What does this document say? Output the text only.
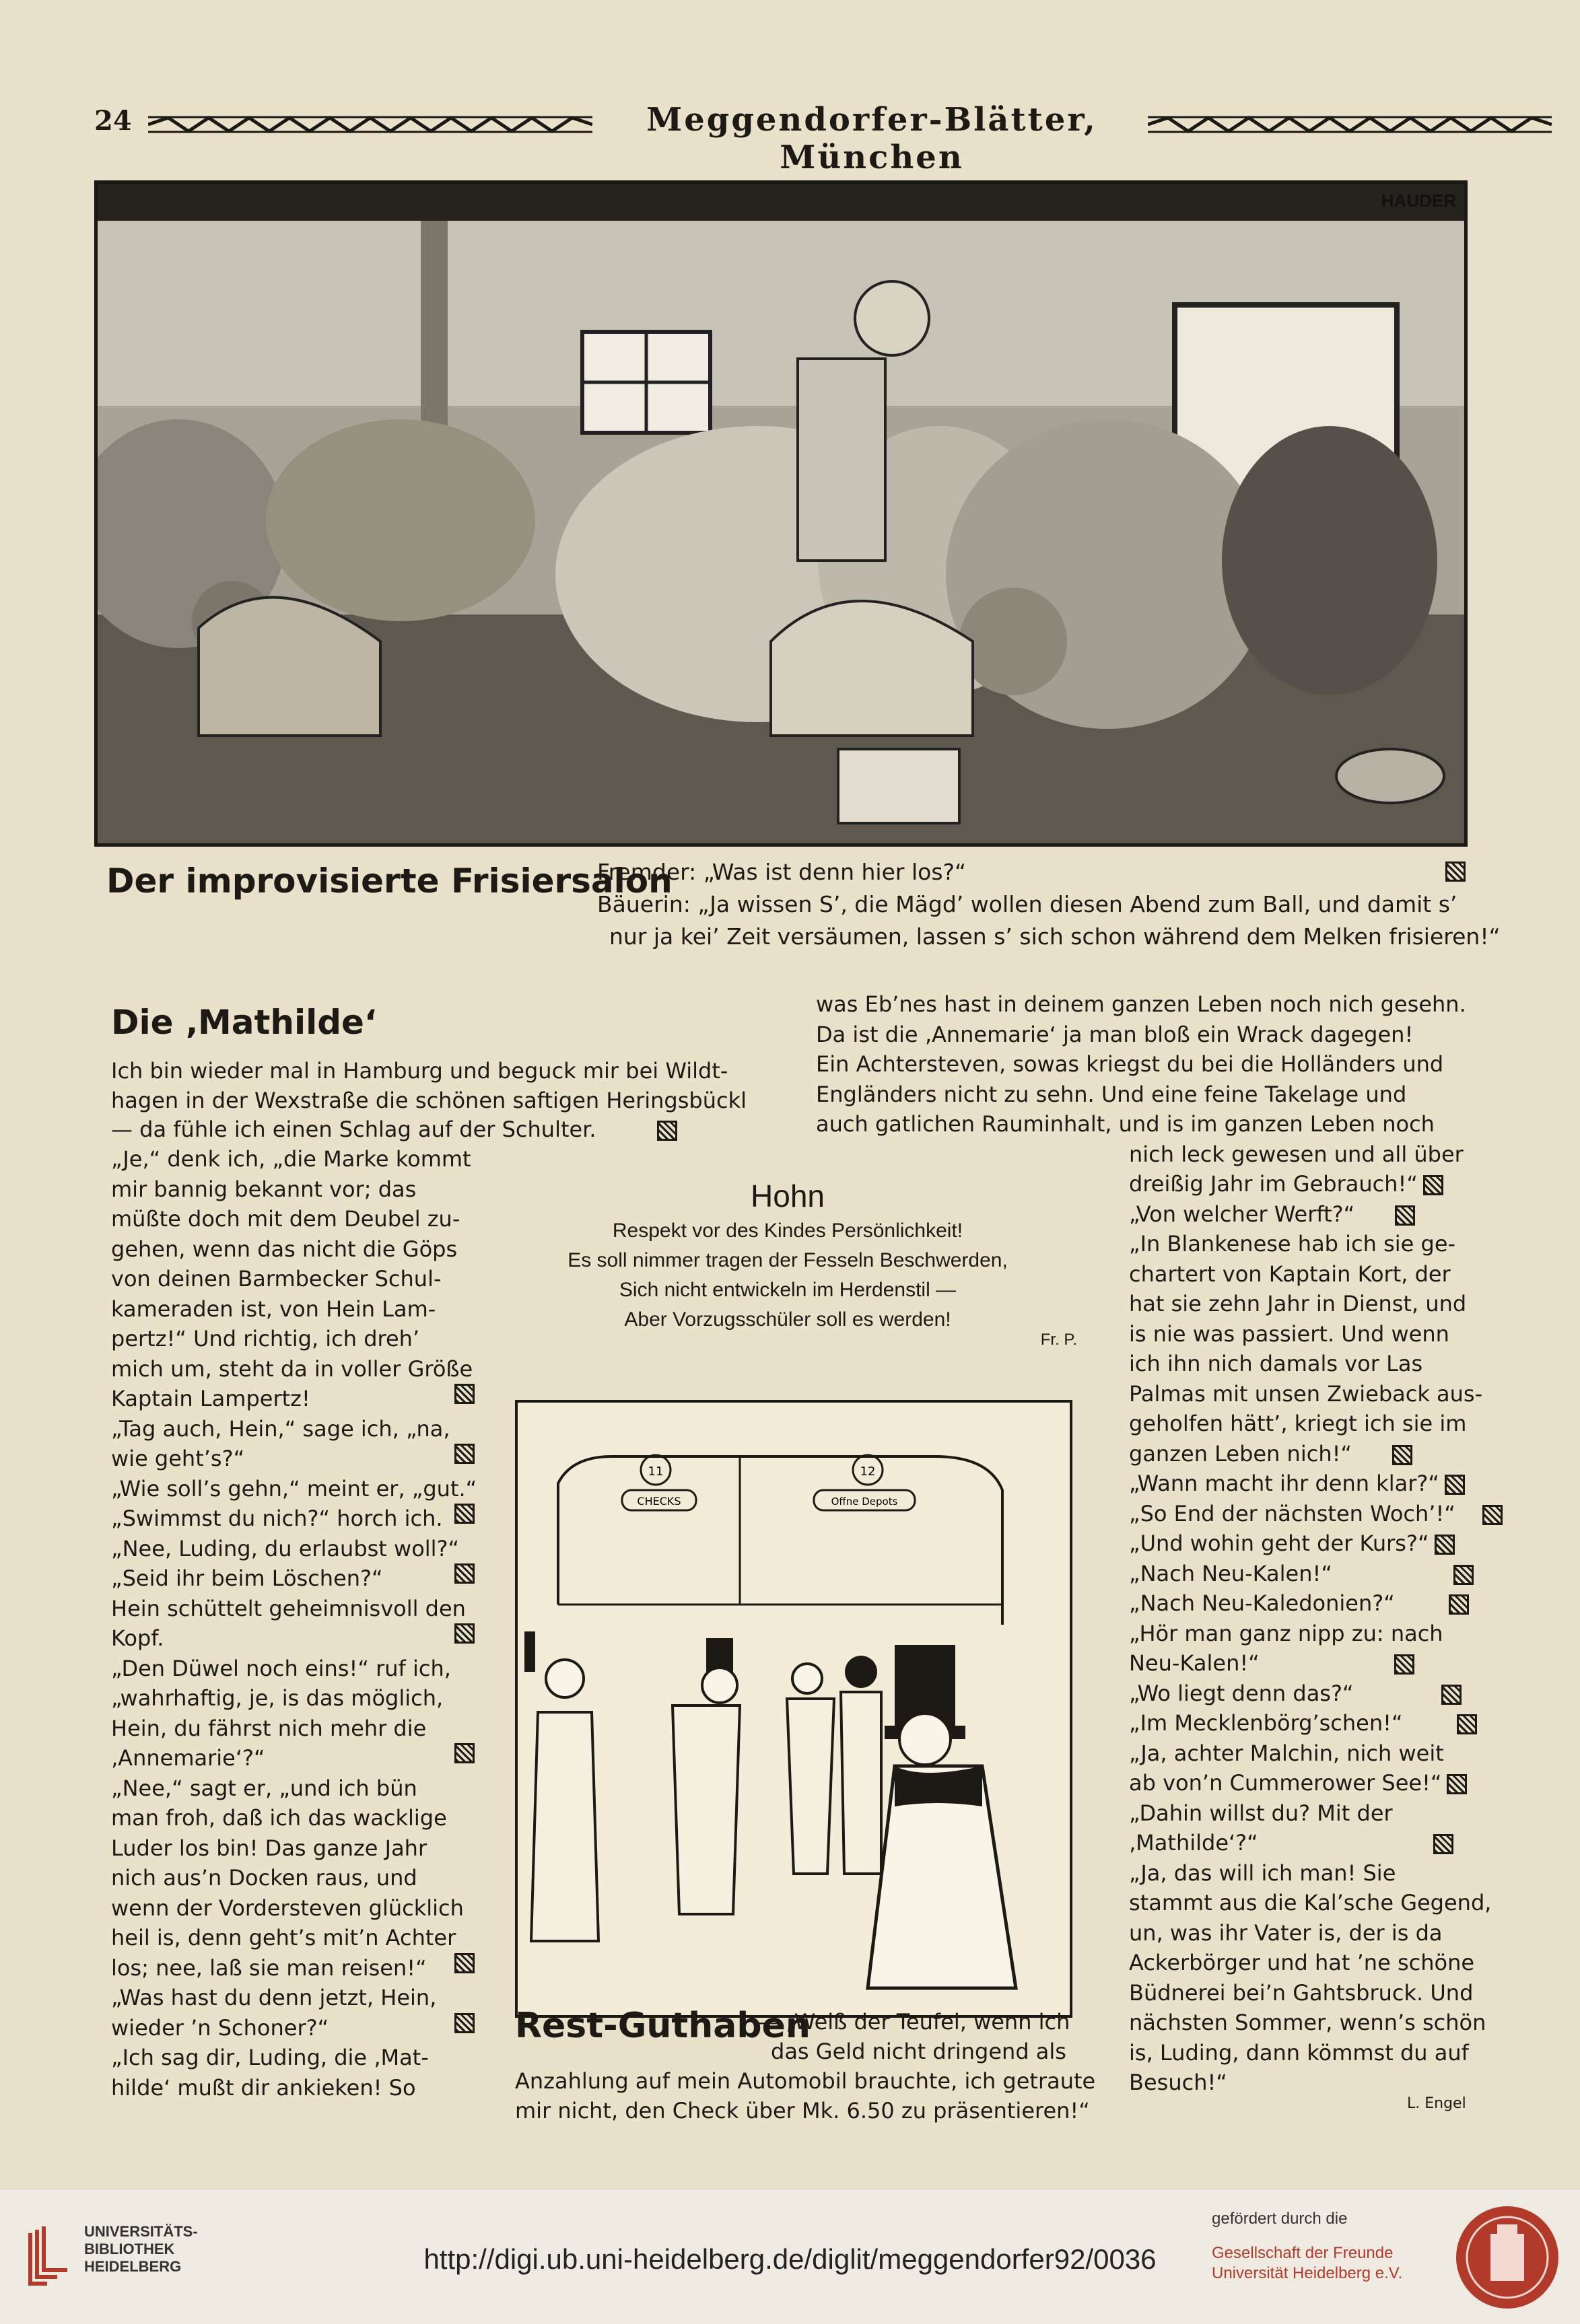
24	Meggendorfer-Blätter, München
HAUDER
Der improvisierte Frisiersalon
Fremder: „Was ist denn hier los?“
Bäuerin: „Ja wissen S’, die Mägd’ wollen diesen Abend zum Ball, und damit s’
nur ja kei’ Zeit versäumen, lassen s’ sich schon während dem Melken frisieren!“
Die ‚Mathilde‘
Ich bin wieder mal in Hamburg und beguck mir bei Wildt-
hagen in der Wexstraße die schönen saftigen Heringsbückl
— da fühle ich einen Schlag auf der Schulter.
„Je,“ denk ich, „die Marke kommt
mir bannig bekannt vor; das
müßte doch mit dem Deubel zu-
gehen, wenn das nicht die Göps
von deinen Barmbecker Schul-
kameraden ist, von Hein Lam-
pertz!“ Und richtig, ich dreh’
mich um, steht da in voller Größe
Kaptain Lampertz!
„Tag auch, Hein,“ sage ich, „na,
wie geht’s?“
„Wie soll’s gehn,“ meint er, „gut.“
„Swimmst du nich?“ horch ich.
„Nee, Luding, du erlaubst woll?“
„Seid ihr beim Löschen?“
Hein schüttelt geheimnisvoll den
Kopf.
„Den Düwel noch eins!“ ruf ich,
„wahrhaftig, je, is das möglich,
Hein, du fährst nich mehr die
‚Annemarie‘?“
„Nee,“ sagt er, „und ich bün
man froh, daß ich das wacklige
Luder los bin! Das ganze Jahr
nich aus’n Docken raus, und
wenn der Vordersteven glücklich
heil is, denn geht’s mit’n Achter
los; nee, laß sie man reisen!“
„Was hast du denn jetzt, Hein,
wieder ’n Schoner?“
„Ich sag dir, Luding, die ‚Mat-
hilde‘ mußt dir ankieken! So
was Eb’nes hast in deinem ganzen Leben noch nich gesehn.
Da ist die ‚Annemarie‘ ja man bloß ein Wrack dagegen!
Ein Achtersteven, sowas kriegst du bei die Holländers und
Engländers nicht zu sehn. Und eine feine Takelage und
auch gatlichen Rauminhalt, und is im ganzen Leben noch
nich leck gewesen und all über
dreißig Jahr im Gebrauch!“
„Von welcher Werft?“
„In Blankenese hab ich sie ge-
chartert von Kaptain Kort, der
hat sie zehn Jahr in Dienst, und
is nie was passiert. Und wenn
ich ihn nich damals vor Las
Palmas mit unsen Zwieback aus-
geholfen hätt’, kriegt ich sie im
ganzen Leben nich!“
„Wann macht ihr denn klar?“
„So End der nächsten Woch’!“
„Und wohin geht der Kurs?“
„Nach Neu-Kalen!“
„Nach Neu-Kaledonien?“
„Hör man ganz nipp zu: nach
Neu-Kalen!“
„Wo liegt denn das?“
„Im Mecklenbörg’schen!“
„Ja, achter Malchin, nich weit
ab von’n Cummerower See!“
„Dahin willst du? Mit der
‚Mathilde‘?“
„Ja, das will ich man! Sie
stammt aus die Kal’sche Gegend,
un, was ihr Vater is, der is da
Ackerbörger und hat ’ne schöne
Büdnerei bei’n Gahtsbruck. Und
nächsten Sommer, wenn’s schön
is, Luding, dann kömmst du auf
Besuch!“
L. Engel
Hohn
Respekt vor des Kindes Persönlichkeit!
Es soll nimmer tragen der Fesseln Beschwerden,
Sich nicht entwickeln im Herdenstil —
Aber Vorzugsschüler soll es werden!
Fr. P.
11	12
CHECKS	Offne Depots
Rest-Guthaben
— „Weiß der Teufel, wenn ich
das Geld nicht dringend als
Anzahlung auf mein Automobil brauchte, ich getraute
mir nicht, den Check über Mk. 6.50 zu präsentieren!“
UNIVERSITÄTS-
BIBLIOTHEK
HEIDELBERG	http://digi.ub.uni-heidelberg.de/diglit/meggendorfer92/0036
gefördert durch die
Gesellschaft der Freunde
Universität Heidelberg e.V.
